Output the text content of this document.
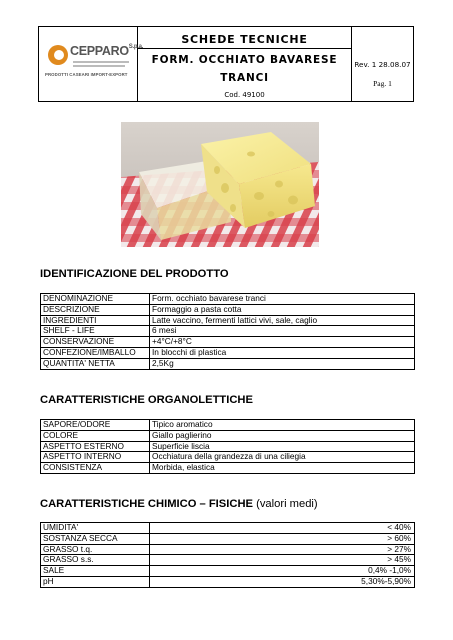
$CEPPARO^{S.p.a.}$
PRODOTTI CASEARI IMPORT-EXPORT
SCHEDE TECNICHE
FORM. OCCHIATO BAVARESE
TRANCI
Cod. 49100
Rev. 1 28.08.07
Pag. 1
IDENTIFICAZIONE DEL PRODOTTO
DENOMINAZIONE	Form. occhiato bavarese tranci
DESCRIZIONE	Formaggio a pasta cotta
INGREDIENTI	Latte vaccino, fermenti lattici vivi, sale, caglio
SHELF - LIFE	6 mesi
CONSERVAZIONE	+4°C/+8°C
CONFEZIONE/IMBALLO	In blocchi di plastica
QUANTITA' NETTA	2,5Kg
CARATTERISTICHE ORGANOLETTICHE
SAPORE/ODORE	Tipico aromatico
COLORE	Giallo paglierino
ASPETTO ESTERNO	Superficie liscia
ASPETTO INTERNO	Occhiatura della grandezza di una ciliegia
CONSISTENZA	Morbida, elastica
CARATTERISTICHE CHIMICO – FISICHE (valori medi)
UMIDITA'	< 40%
SOSTANZA SECCA	> 60%
GRASSO t.q.	> 27%
GRASSO s.s.	> 45%
SALE	0,4% -1,0%
pH	5,30%-5,90%
